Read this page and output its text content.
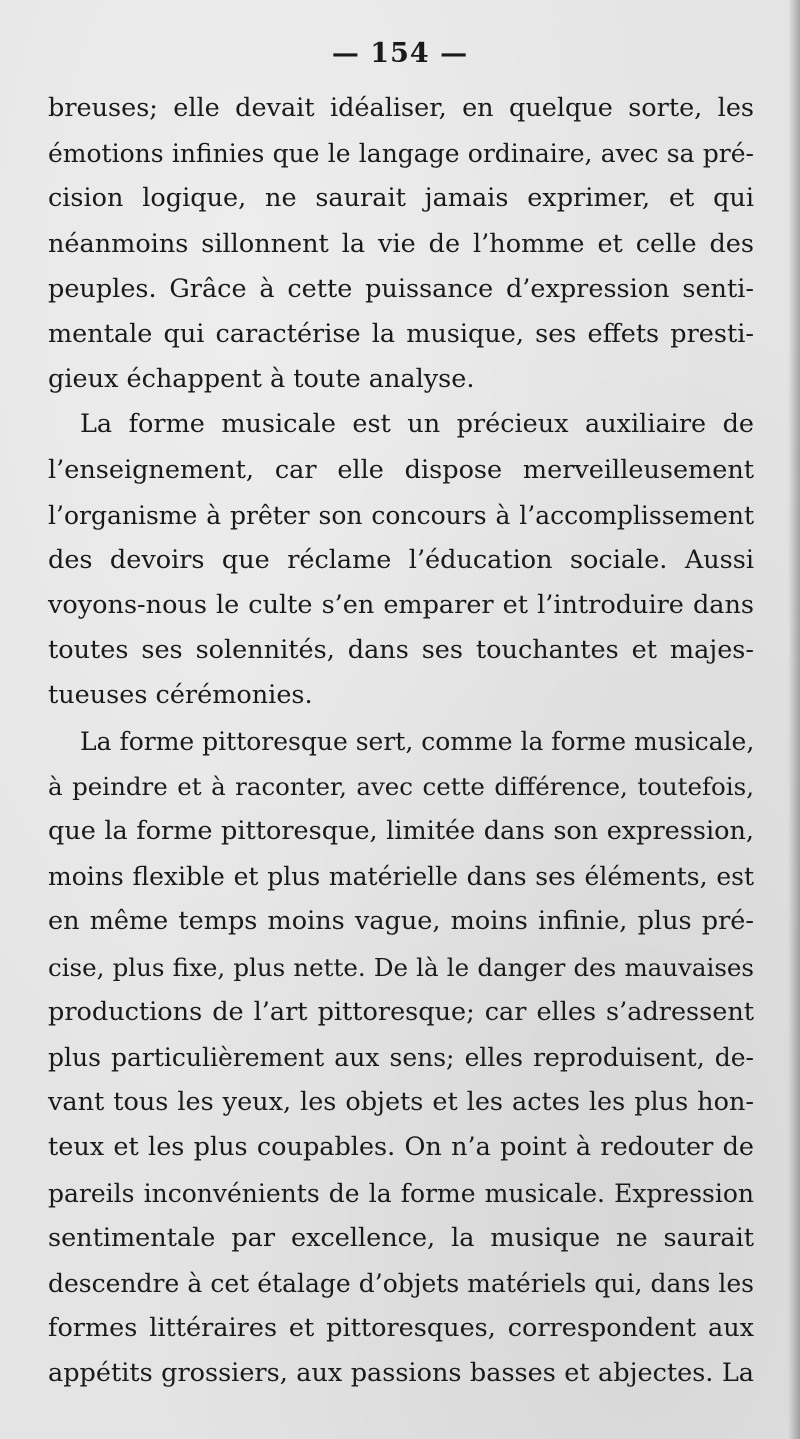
— 154 —
breuses; elle devait idéaliser, en quelque sorte, les
émotions infinies que le langage ordinaire, avec sa pré-
cision logique, ne saurait jamais exprimer, et qui
néanmoins sillonnent la vie de l’homme et celle des
peuples. Grâce à cette puissance d’expression senti-
mentale qui caractérise la musique, ses effets presti-
gieux échappent à toute analyse.
La forme musicale est un précieux auxiliaire de
l’enseignement, car elle dispose merveilleusement
l’organisme à prêter son concours à l’accomplissement
des devoirs que réclame l’éducation sociale. Aussi
voyons-nous le culte s’en emparer et l’introduire dans
toutes ses solennités, dans ses touchantes et majes-
tueuses cérémonies.
La forme pittoresque sert, comme la forme musicale,
à peindre et à raconter, avec cette différence, toutefois,
que la forme pittoresque, limitée dans son expression,
moins flexible et plus matérielle dans ses éléments, est
en même temps moins vague, moins infinie, plus pré-
cise, plus fixe, plus nette. De là le danger des mauvaises
productions de l’art pittoresque; car elles s’adressent
plus particulièrement aux sens; elles reproduisent, de-
vant tous les yeux, les objets et les actes les plus hon-
teux et les plus coupables. On n’a point à redouter de
pareils inconvénients de la forme musicale. Expression
sentimentale par excellence, la musique ne saurait
descendre à cet étalage d’objets matériels qui, dans les
formes littéraires et pittoresques, correspondent aux
appétits grossiers, aux passions basses et abjectes. La
